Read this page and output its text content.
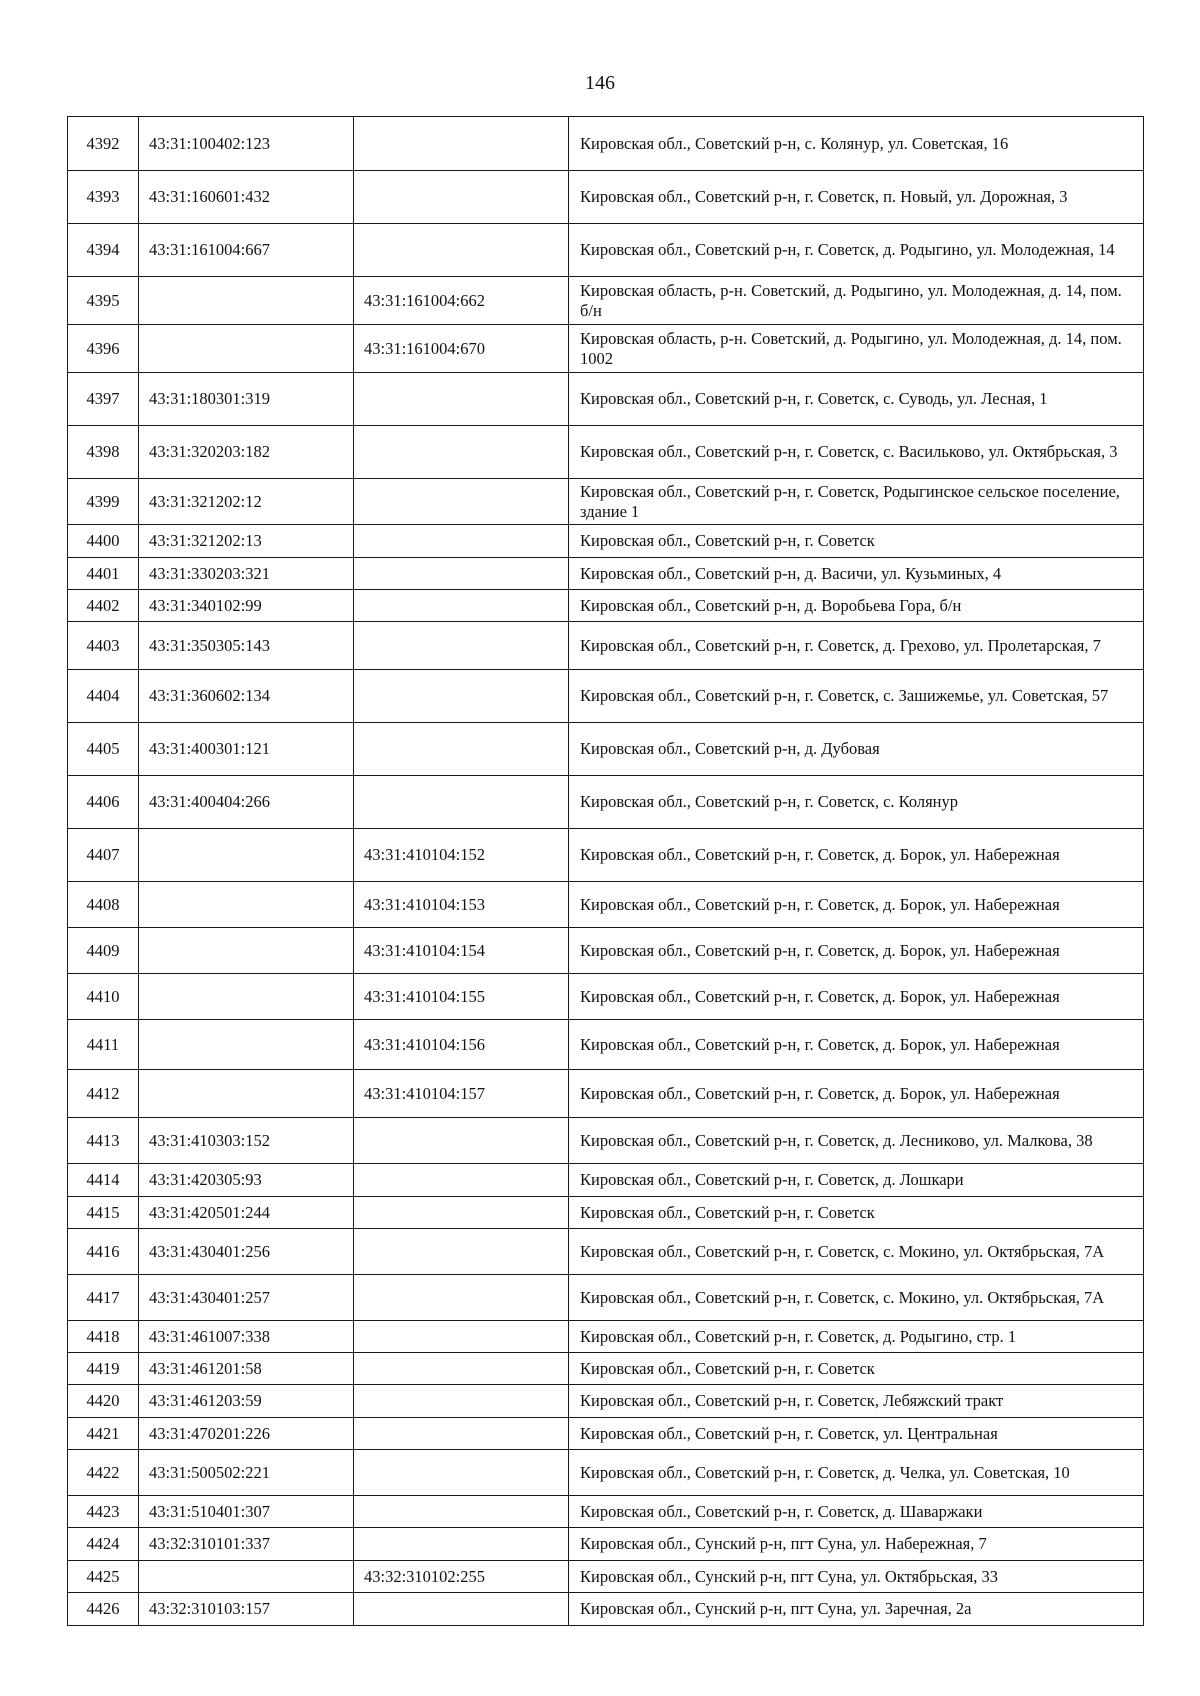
146
4392	43:31:100402:123		Кировская обл., Советский р-н, с. Колянур, ул. Советская, 16
4393	43:31:160601:432		Кировская обл., Советский р-н, г. Советск, п. Новый, ул. Дорожная, 3
4394	43:31:161004:667		Кировская обл., Советский р-н, г. Советск, д. Родыгино, ул. Молодежная, 14
4395		43:31:161004:662	Кировская область, р-н. Советский, д. Родыгино, ул. Молодежная, д. 14, пом. б/н
4396		43:31:161004:670	Кировская область, р-н. Советский, д. Родыгино, ул. Молодежная, д. 14, пом. 1002
4397	43:31:180301:319		Кировская обл., Советский р-н, г. Советск, с. Суводь, ул. Лесная, 1
4398	43:31:320203:182		Кировская обл., Советский р-н, г. Советск, с. Васильково, ул. Октябрьская, 3
4399	43:31:321202:12		Кировская обл., Советский р-н, г. Советск, Родыгинское сельское поселение, здание 1
4400	43:31:321202:13		Кировская обл., Советский р-н, г. Советск
4401	43:31:330203:321		Кировская обл., Советский р-н, д. Васичи, ул. Кузьминых, 4
4402	43:31:340102:99		Кировская обл., Советский р-н, д. Воробьева Гора, б/н
4403	43:31:350305:143		Кировская обл., Советский р-н, г. Советск, д. Грехово, ул. Пролетарская, 7
4404	43:31:360602:134		Кировская обл., Советский р-н, г. Советск, с. Зашижемье, ул. Советская, 57
4405	43:31:400301:121		Кировская обл., Советский р-н, д. Дубовая
4406	43:31:400404:266		Кировская обл., Советский р-н, г. Советск, с. Колянур
4407		43:31:410104:152	Кировская обл., Советский р-н, г. Советск, д. Борок, ул. Набережная
4408		43:31:410104:153	Кировская обл., Советский р-н, г. Советск, д. Борок, ул. Набережная
4409		43:31:410104:154	Кировская обл., Советский р-н, г. Советск, д. Борок, ул. Набережная
4410		43:31:410104:155	Кировская обл., Советский р-н, г. Советск, д. Борок, ул. Набережная
4411		43:31:410104:156	Кировская обл., Советский р-н, г. Советск, д. Борок, ул. Набережная
4412		43:31:410104:157	Кировская обл., Советский р-н, г. Советск, д. Борок, ул. Набережная
4413	43:31:410303:152		Кировская обл., Советский р-н, г. Советск, д. Лесниково, ул. Малкова, 38
4414	43:31:420305:93		Кировская обл., Советский р-н, г. Советск, д. Лошкари
4415	43:31:420501:244		Кировская обл., Советский р-н, г. Советск
4416	43:31:430401:256		Кировская обл., Советский р-н, г. Советск, с. Мокино, ул. Октябрьская, 7А
4417	43:31:430401:257		Кировская обл., Советский р-н, г. Советск, с. Мокино, ул. Октябрьская, 7А
4418	43:31:461007:338		Кировская обл., Советский р-н, г. Советск, д. Родыгино, стр. 1
4419	43:31:461201:58		Кировская обл., Советский р-н, г. Советск
4420	43:31:461203:59		Кировская обл., Советский р-н, г. Советск, Лебяжский тракт
4421	43:31:470201:226		Кировская обл., Советский р-н, г. Советск, ул. Центральная
4422	43:31:500502:221		Кировская обл., Советский р-н, г. Советск, д. Челка, ул. Советская, 10
4423	43:31:510401:307		Кировская обл., Советский р-н, г. Советск, д. Шаваржаки
4424	43:32:310101:337		Кировская обл., Сунский р-н, пгт Суна, ул. Набережная, 7
4425		43:32:310102:255	Кировская обл., Сунский р-н, пгт Суна, ул. Октябрьская, 33
4426	43:32:310103:157		Кировская обл., Сунский р-н, пгт Суна, ул. Заречная, 2а
